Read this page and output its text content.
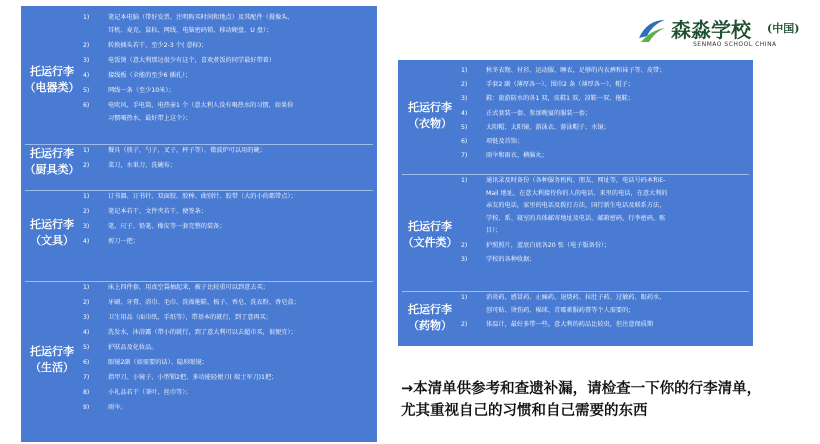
森淼学校 (中国)
SENMAO SCHOOL CHINA
托运行李
（电器类）
1)	笔记本电脑（带好发票，注明购买时间和地点）及其配件（摄像头、
耳机、麦克、鼠标、网线、电脑密码锁、移动硬盘、U 盘）；
2)	转换插头若干，至少2-3 个( 意标)；
3)	电饭煲（意大利那边很少有这个，喜欢煮饭的同学最好带着）
4)	接线板（全能的至少6 插孔）；
5)	网线一条（至少10米）；
6)	电吹风、手电筒、电热壶1 个（意大利人没有喝热水的习惯，如果你
习惯喝热水，最好带上这个）；
托运行李
（厨具类）
1)	餐具（筷子，勺子，叉子，杯子等）、微波炉可以用的碗；
2)	菜刀，水果刀、洗碗布；
托运行李
（文具）
1)	订书器、订书针、双面胶、胶棒、曲别针、胶带（大的小的都带点）；
2)	笔记本若干、文件夹若干、便签条；
3)	笔、尺子、铅笔、橡皮等一套完整的装备；
4)	剪刀一把；
托运行李
（生活）
1)	床上四件套，用真空袋抽起来，被子比较重可以到意去买；
2)	牙刷、牙膏、浴巾、毛巾、洗澡拖鞋、梳子、香皂、洗衣粉、香皂盒；
3)	卫生用品（面巾纸，手纸等），带基本的就行，到了意再买；
4)	洗发水，沐浴露（带小的就行，到了意大利可以去超市买，很便宜）；
5)	护肤品及化妆品。
6)	眼镜2副（如需要的话）、隐形眼镜；
7)	指甲刀、小镜子、小型锁2把、多功能轻便刀( 瑞士军刀)1把；
8)	小礼品若干（茶叶、丝巾等）；
9)	雨伞。
托运行李
（衣物）
1)	秋冬衣物、衬衫、运动服、睡衣、足够的内衣裤和袜子等、皮带；
2)	手套2 副（薄厚各一）、围巾2 条（薄厚各一）、帽子；
3)	鞋：旅游防水的各1 双，皮鞋1 双，凉鞋一双、拖鞋；
4)	正式套装一套、参加晚宴的服装一套；
5)	太阳帽、太阳镜、游泳衣、游泳帽子、水镜；
6)	项链及首饰；
7)	雨伞和雨衣、横脑丸；
托运行李
（文件类）
1)	通讯录及时备份（各种服务机构、朋友、网址等，电话号码本和E-
Mail 地址，在意大利接待你的人的电话，来里的电话，在意大利的
亲友的电话，家里的电话及拨打方法，国行新生电话及联系方法，
学校、系、寝室的具体邮寄地址及电话，邮箱密码，行李密码，账
目）；
2)	护照照片，蓝底白底各20 张（电子版备份）；
3)	学校的各种收据；
托运行李
（药物）
1)	消炎药、感冒药、止痛药、退烧药、拉肚子药、过敏药、眼药水、
创可贴、烫伤药、棉球、青霉素服药膏等个人需要的；
2)	体温计，最好多带一些，意大利的药品比较贵，但注意保质期
→本清单供参考和查遗补漏，请检查一下你的行李清单，尤其重视自己的习惯和自己需要的东西
